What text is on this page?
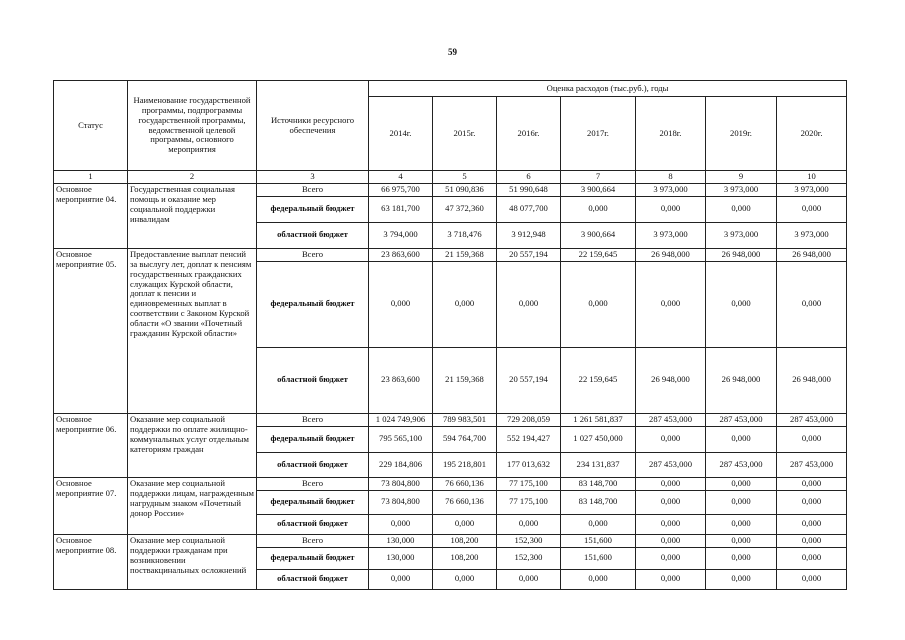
59
Статус	Наименование государственной программы, подпрограммы государственной программы, ведомственной целевой программы, основного мероприятия	Источники ресурсного обеспечения	Оценка расходов (тыс.руб.), годы						
			2014г.	2015г.	2016г.	2017г.	2018г.	2019г.	2020г.
1	2	3	4	5	6	7	8	9	10
Основное мероприятие 04.	Государственная социальная помощь и оказание мер социальной поддержки инвалидам	Всего	66 975,700	51 090,836	51 990,648	3 900,664	3 973,000	3 973,000	3 973,000
		федеральный бюджет	63 181,700	47 372,360	48 077,700	0,000	0,000	0,000	0,000
		областной бюджет	3 794,000	3 718,476	3 912,948	3 900,664	3 973,000	3 973,000	3 973,000
Основное мероприятие 05.	Предоставление выплат пенсий за выслугу лет, доплат к пенсиям государственных гражданских служащих Курской области, доплат к пенсии и единовременных выплат в соответствии с Законом Курской области «О звании «Почетный гражданин Курской области»	Всего	23 863,600	21 159,368	20 557,194	22 159,645	26 948,000	26 948,000	26 948,000
		федеральный бюджет	0,000	0,000	0,000	0,000	0,000	0,000	0,000
		областной бюджет	23 863,600	21 159,368	20 557,194	22 159,645	26 948,000	26 948,000	26 948,000
Основное мероприятие 06.	Оказание мер социальной поддержки по оплате жилищно-коммунальных услуг отдельным категориям граждан	Всего	1 024 749,906	789 983,501	729 208,059	1 261 581,837	287 453,000	287 453,000	287 453,000
		федеральный бюджет	795 565,100	594 764,700	552 194,427	1 027 450,000	0,000	0,000	0,000
		областной бюджет	229 184,806	195 218,801	177 013,632	234 131,837	287 453,000	287 453,000	287 453,000
Основное мероприятие 07.	Оказание мер социальной поддержки лицам, награжденным нагрудным знаком «Почетный донор России»	Всего	73 804,800	76 660,136	77 175,100	83 148,700	0,000	0,000	0,000
		федеральный бюджет	73 804,800	76 660,136	77 175,100	83 148,700	0,000	0,000	0,000
		областной бюджет	0,000	0,000	0,000	0,000	0,000	0,000	0,000
Основное мероприятие 08.	Оказание мер социальной поддержки гражданам при возникновении поствакцинальных осложнений	Всего	130,000	108,200	152,300	151,600	0,000	0,000	0,000
		федеральный бюджет	130,000	108,200	152,300	151,600	0,000	0,000	0,000
		областной бюджет	0,000	0,000	0,000	0,000	0,000	0,000	0,000
